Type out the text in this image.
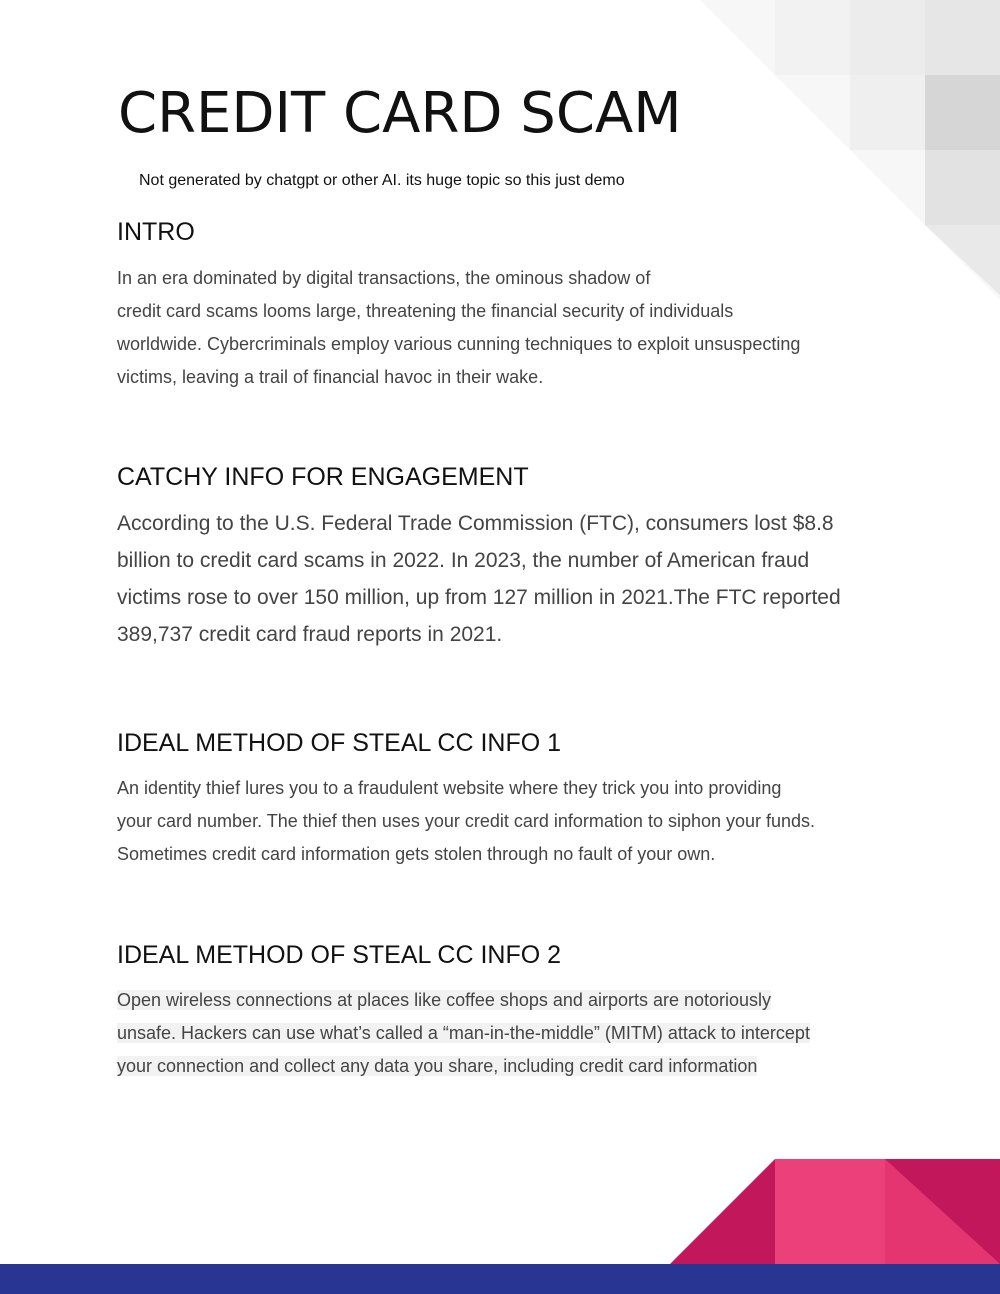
CREDIT CARD SCAM

Not generated by chatgpt or other AI. its huge topic so this just demo

INTRO

In an era dominated by digital transactions, the ominous shadow of
credit card scams looms large, threatening the financial security of individuals
worldwide. Cybercriminals employ various cunning techniques to exploit unsuspecting
victims, leaving a trail of financial havoc in their wake.

CATCHY INFO FOR ENGAGEMENT

According to the U.S. Federal Trade Commission (FTC), consumers lost $8.8
billion to credit card scams in 2022. In 2023, the number of American fraud
victims rose to over 150 million, up from 127 million in 2021.The FTC reported
389,737 credit card fraud reports in 2021.

IDEAL METHOD OF STEAL CC INFO 1

An identity thief lures you to a fraudulent website where they trick you into providing
your card number. The thief then uses your credit card information to siphon your funds.
Sometimes credit card information gets stolen through no fault of your own.

IDEAL METHOD OF STEAL CC INFO 2

Open wireless connections at places like coffee shops and airports are notoriously
unsafe. Hackers can use what’s called a “man-in-the-middle” (MITM) attack to intercept
your connection and collect any data you share, including credit card information
